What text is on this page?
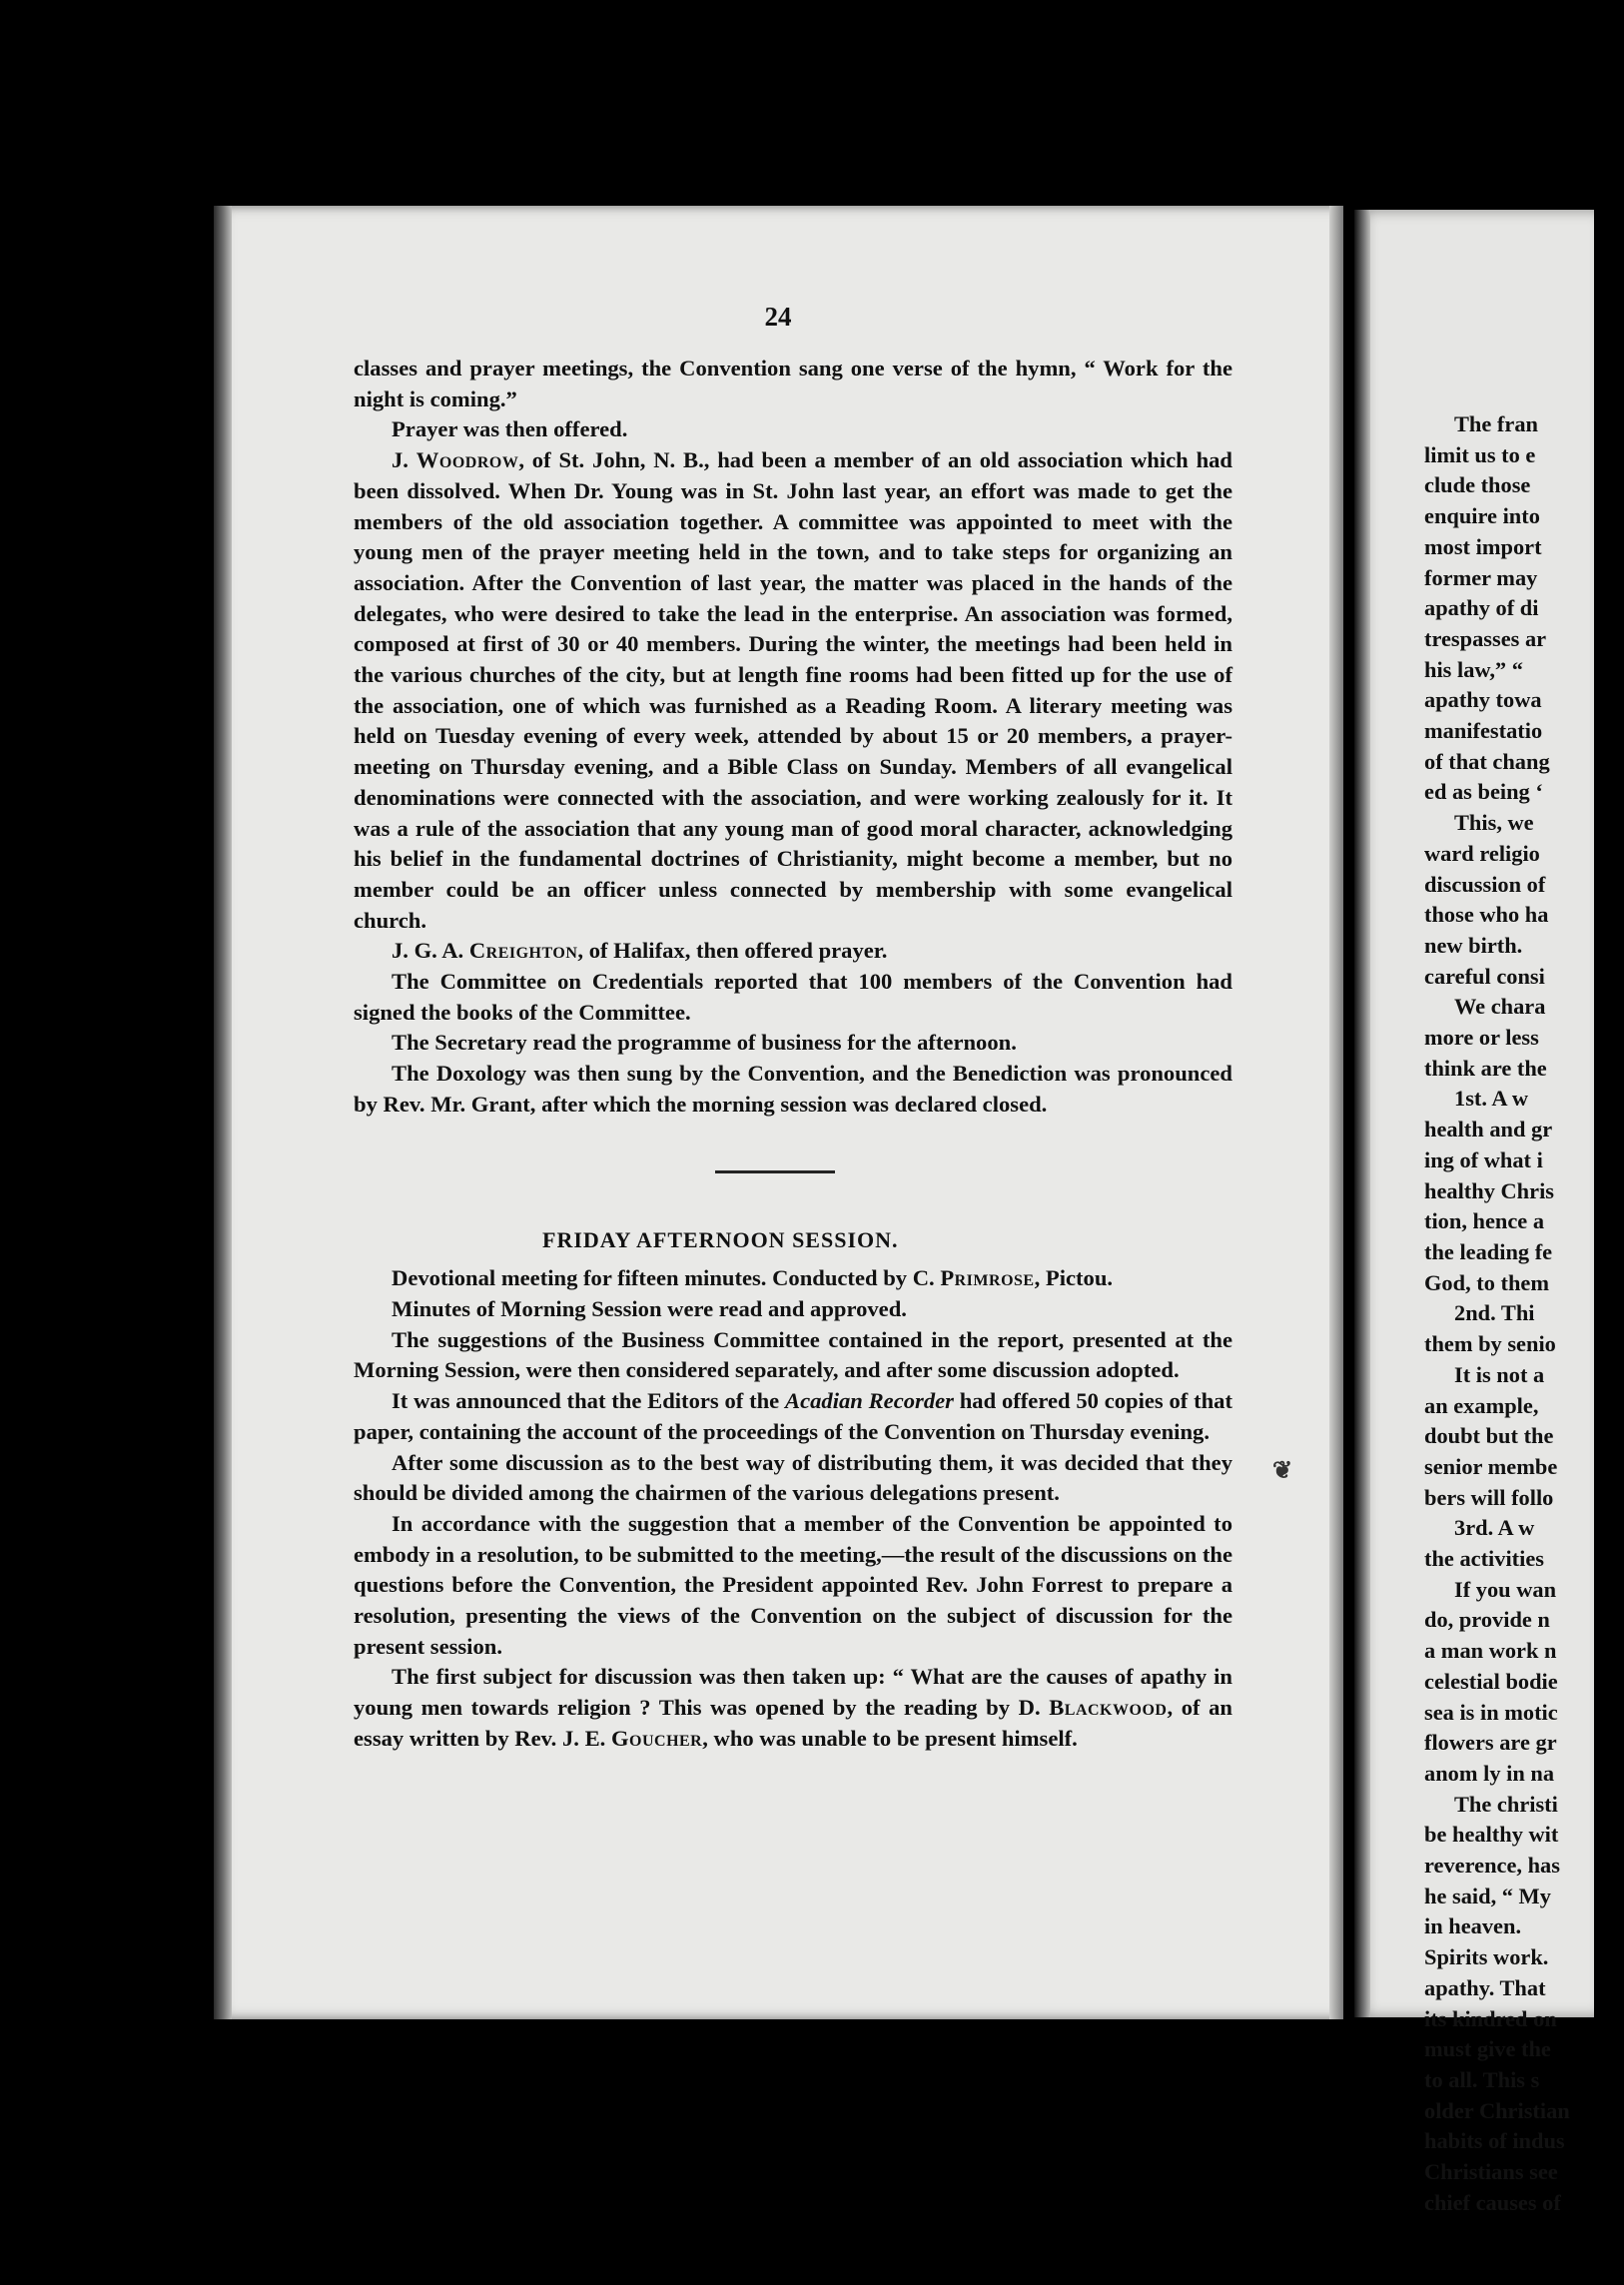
24

classes and prayer meetings, the Convention sang one verse of the hymn, “ Work for the night is coming.”

Prayer was then offered.

J. Woodrow, of St. John, N. B., had been a member of an old association which had been dissolved. When Dr. Young was in St. John last year, an effort was made to get the members of the old association together. A committee was appointed to meet with the young men of the prayer meeting held in the town, and to take steps for organizing an association. After the Convention of last year, the matter was placed in the hands of the delegates, who were desired to take the lead in the enterprise. An association was formed, composed at first of 30 or 40 members. During the winter, the meetings had been held in the various churches of the city, but at length fine rooms had been fitted up for the use of the association, one of which was furnished as a Reading Room. A literary meeting was held on Tuesday evening of every week, attended by about 15 or 20 members, a prayer-meeting on Thursday evening, and a Bible Class on Sunday. Members of all evangelical denominations were connected with the association, and were working zealously for it. It was a rule of the association that any young man of good moral character, acknowledging his belief in the fundamental doctrines of Christianity, might become a member, but no member could be an officer unless connected by membership with some evangelical church.

J. G. A. Creighton, of Halifax, then offered prayer.

The Committee on Credentials reported that 100 members of the Convention had signed the books of the Committee.

The Secretary read the programme of business for the afternoon.

The Doxology was then sung by the Convention, and the Benediction was pronounced by Rev. Mr. Grant, after which the morning session was declared closed.

FRIDAY AFTERNOON SESSION.

Devotional meeting for fifteen minutes. Conducted by C. Primrose, Pictou.

Minutes of Morning Session were read and approved.

The suggestions of the Business Committee contained in the report, presented at the Morning Session, were then considered separately, and after some discussion adopted.

It was announced that the Editors of the Acadian Recorder had offered 50 copies of that paper, containing the account of the proceedings of the Convention on Thursday evening.

After some discussion as to the best way of distributing them, it was decided that they should be divided among the chairmen of the various delegations present.

In accordance with the suggestion that a member of the Convention be appointed to embody in a resolution, to be submitted to the meeting,—the result of the discussions on the questions before the Convention, the President appointed Rev. John Forrest to prepare a resolution, presenting the views of the Convention on the subject of discussion for the present session.

The first subject for discussion was then taken up: “ What are the causes of apathy in young men towards religion ? This was opened by the reading by D. Blackwood, of an essay written by Rev. J. E. Goucher, who was unable to be present himself.

❦
The fran
limit us to e
clude those
enquire into
most import
former may
apathy of di
trespasses ar
his law,” “
apathy towa
manifestatio
of that chang
ed as being ‘
This, we
ward religio
discussion of
those who ha
new birth.
careful consi
We chara
more or less
think are the
1st. A w
health and gr
ing of what i
healthy Chris
tion, hence a
the leading fe
God, to them
2nd. Thi
them by senio
It is not a
an example,
doubt but the
senior membe
bers will follo
3rd. A w
the activities
If you wan
do, provide n
a man work n
celestial bodie
sea is in motic
flowers are gr
anom ly in na
The christi
be healthy wit
reverence, has
he said, “ My
in heaven.
Spirits work.
apathy. That
its kindred on
must give the
to all. This s
older Christian
habits of indus
Christians see
chief causes of
